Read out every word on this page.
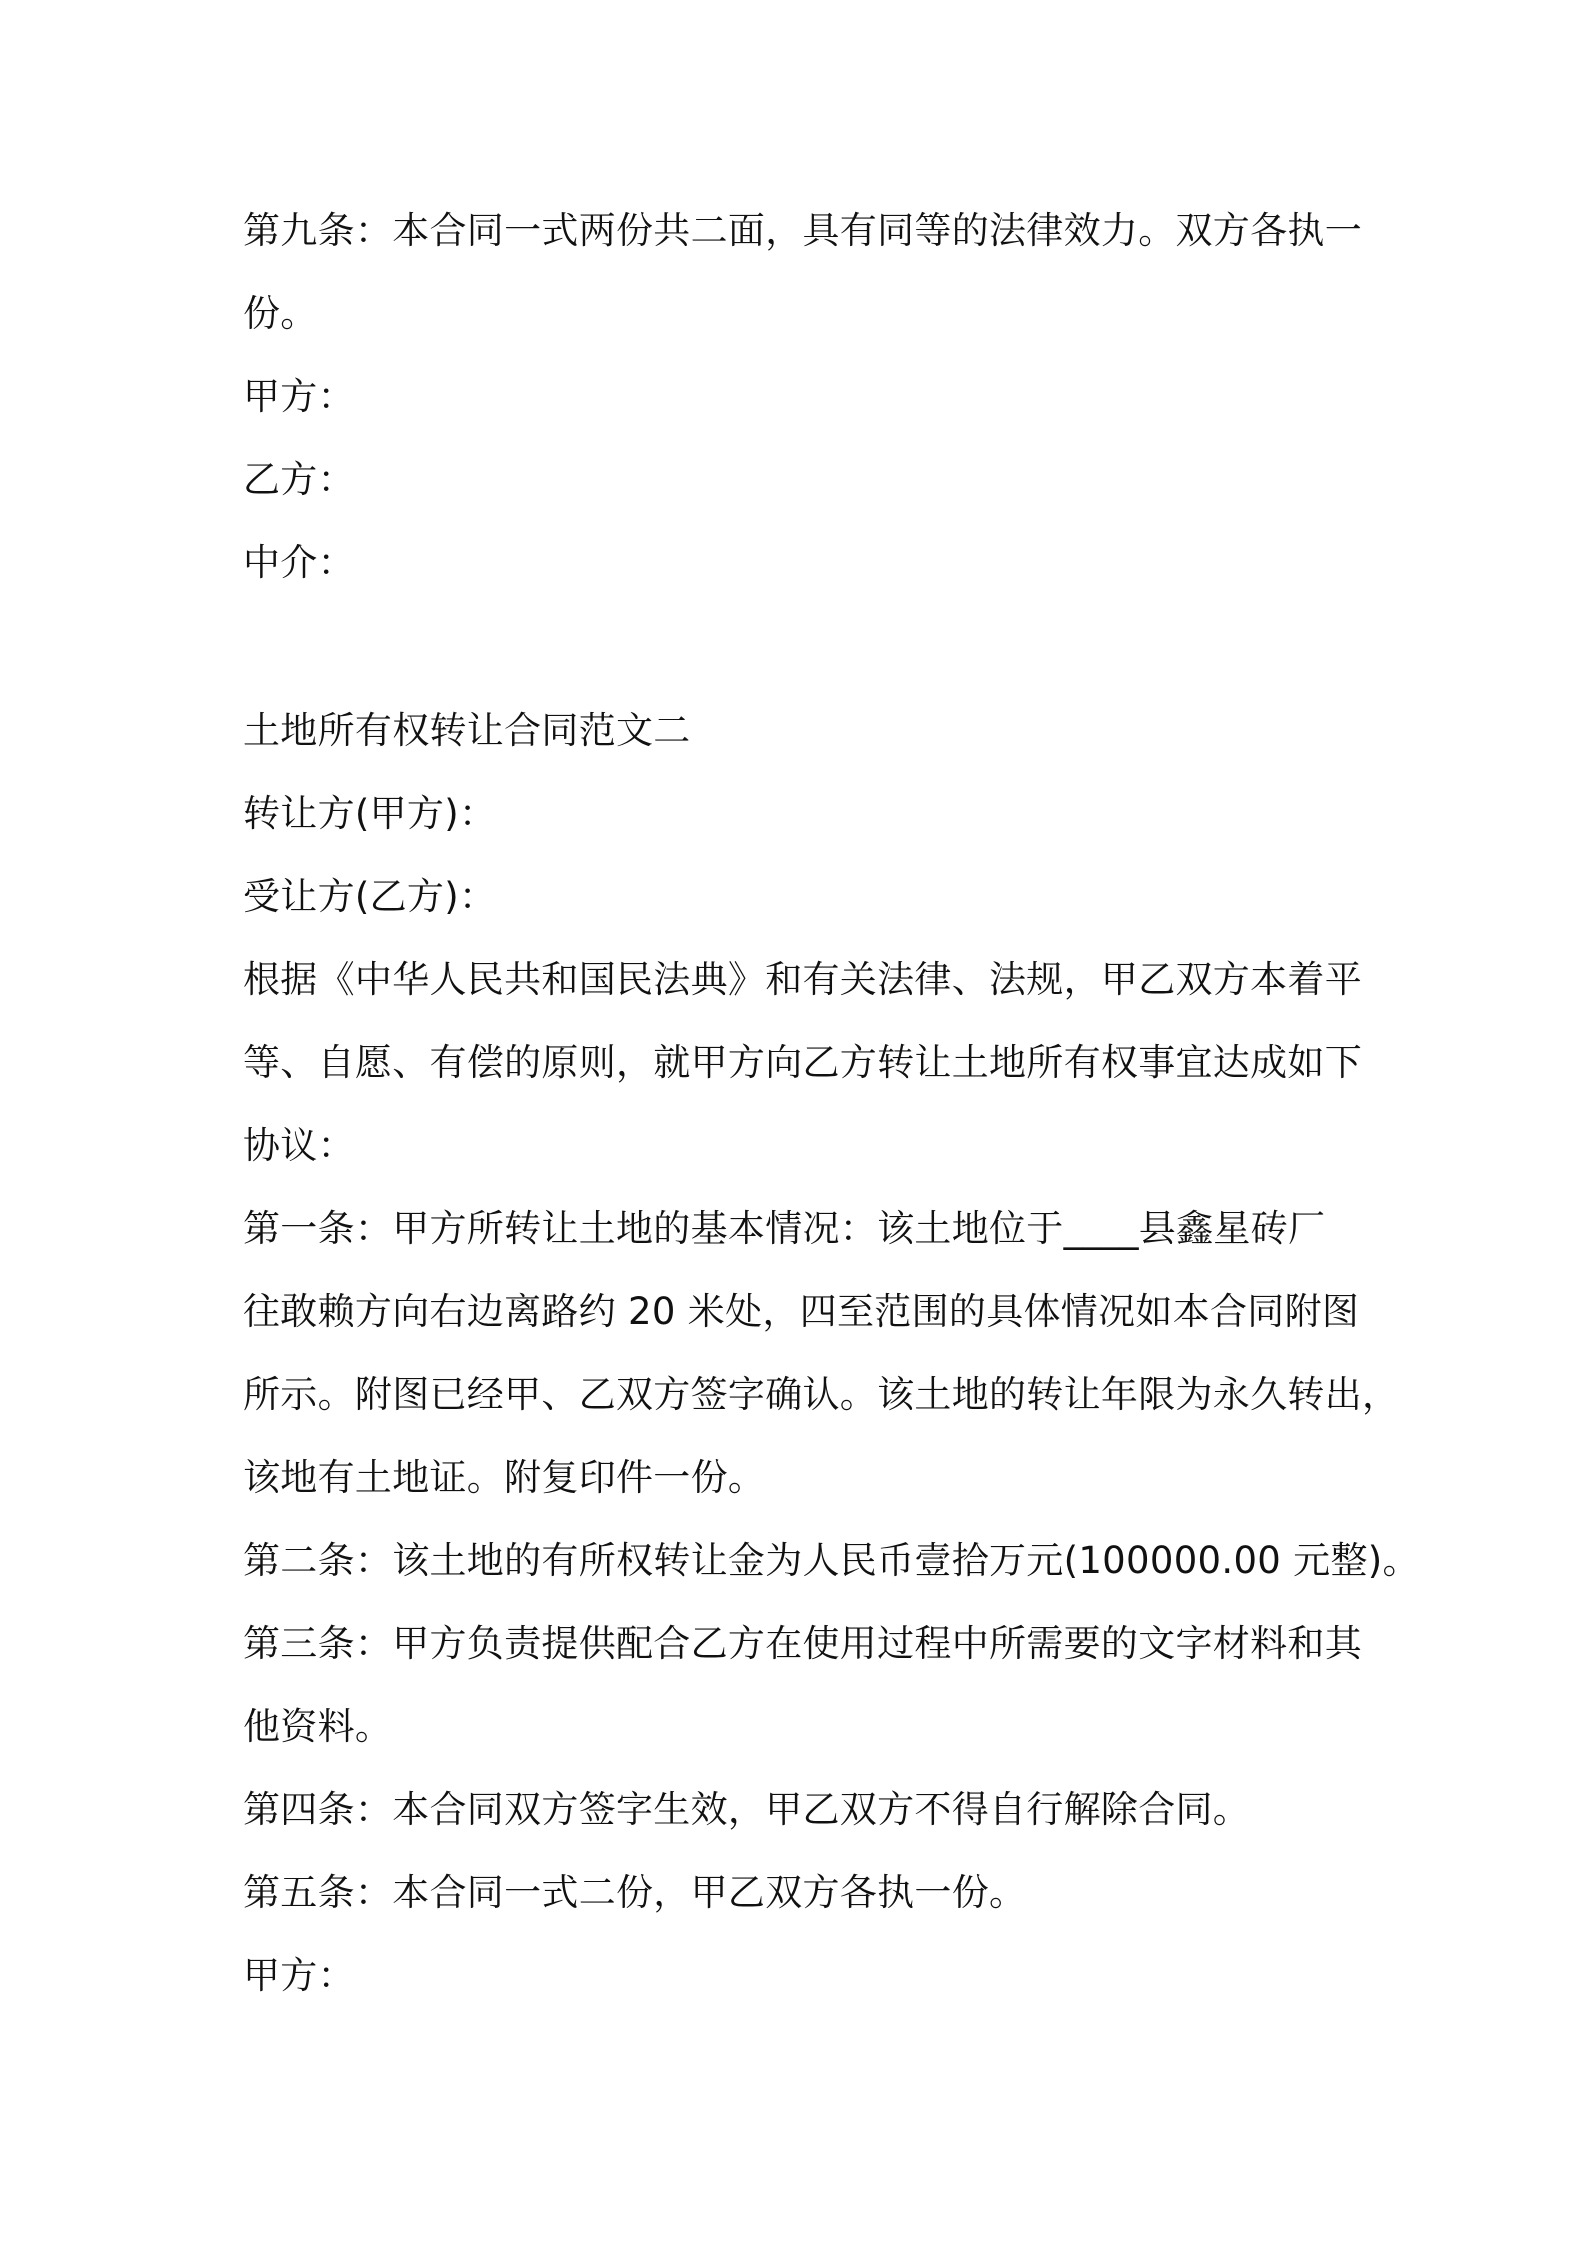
第九条：本合同一式两份共二面，具有同等的法律效力。双方各执一
份。
甲方：
乙方：
中介：
土地所有权转让合同范文二
转让方(甲方)：
受让方(乙方)：
根据《中华人民共和国民法典》和有关法律、法规，甲乙双方本着平
等、自愿、有偿的原则，就甲方向乙方转让土地所有权事宜达成如下
协议：
第一条：甲方所转让土地的基本情况：该土地位于____县鑫星砖厂
往敢赖方向右边离路约 20 米处，四至范围的具体情况如本合同附图
所示。附图已经甲、乙双方签字确认。该土地的转让年限为永久转出，
该地有土地证。附复印件一份。
第二条：该土地的有所权转让金为人民币壹拾万元(100000.00 元整)。
第三条：甲方负责提供配合乙方在使用过程中所需要的文字材料和其
他资料。
第四条：本合同双方签字生效，甲乙双方不得自行解除合同。
第五条：本合同一式二份，甲乙双方各执一份。
甲方：
